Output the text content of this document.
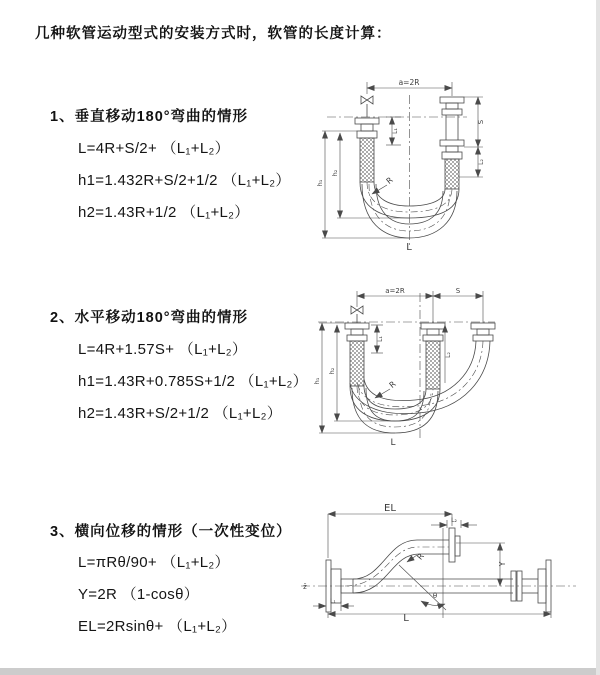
几种软管运动型式的安装方式时，软管的长度计算：
1、垂直移动180°弯曲的情形
L=4R+S/2+ （L₁+L₂）
h1=1.432R+S/2+1/2 （L₁+L₂）
h2=1.43R+1/2 （L₁+L₂）
2、水平移动180°弯曲的情形
L=4R+1.57S+ （L₁+L₂）
h1=1.43R+0.785S+1/2 （L₁+L₂）
h2=1.43R+S/2+1/2 （L₁+L₂）
3、横向位移的情形（一次性变位）
L=πRθ/90+ （L₁+L₂）
Y=2R （1-cosθ）
EL=2Rsinθ+ （L₁+L₂）
a=2R
h₁
h₂
L₁
S
L₂
R
L
a=2R	S
h₁
h₂
L₁
L₂
R
L
EL
L₂
Y
R
θ
L
L₁
z̄
